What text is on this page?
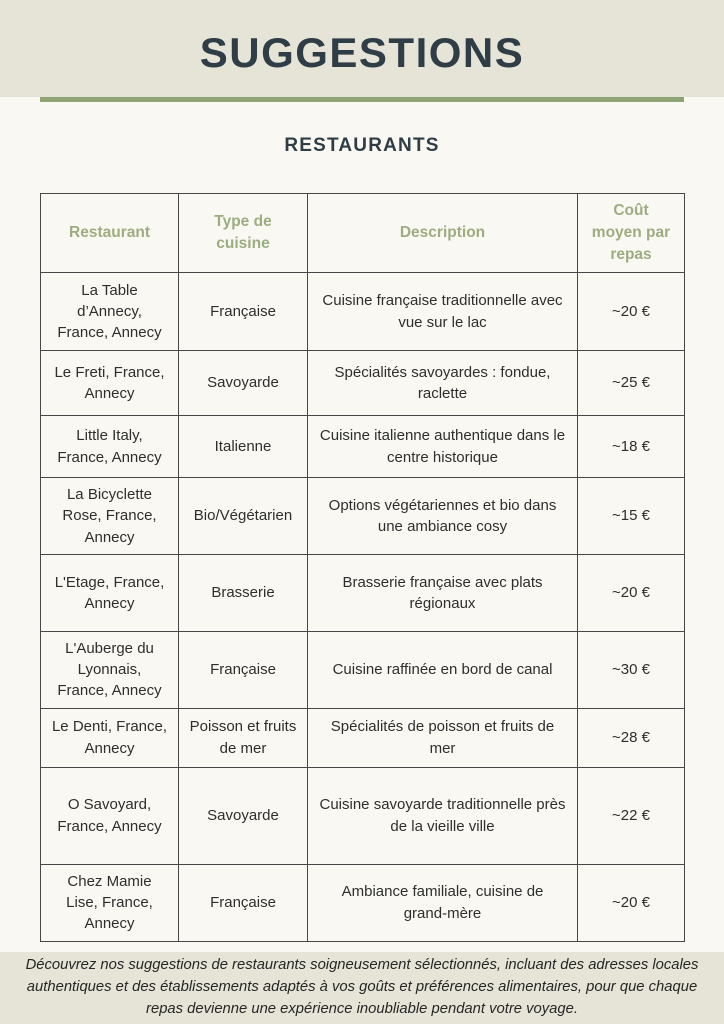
SUGGESTIONS
RESTAURANTS
Restaurant	Type de cuisine	Description	Coût moyen par repas
La Table d’Annecy, France, Annecy	Française	Cuisine française traditionnelle avec vue sur le lac	~20 €
Le Freti, France, Annecy	Savoyarde	Spécialités savoyardes : fondue, raclette	~25 €
Little Italy, France, Annecy	Italienne	Cuisine italienne authentique dans le centre historique	~18 €
La Bicyclette Rose, France, Annecy	Bio/Végétarien	Options végétariennes et bio dans une ambiance cosy	~15 €
L'Etage, France, Annecy	Brasserie	Brasserie française avec plats régionaux	~20 €
L'Auberge du Lyonnais, France, Annecy	Française	Cuisine raffinée en bord de canal	~30 €
Le Denti, France, Annecy	Poisson et fruits de mer	Spécialités de poisson et fruits de mer	~28 €
O Savoyard, France, Annecy	Savoyarde	Cuisine savoyarde traditionnelle près de la vieille ville	~22 €
Chez Mamie Lise, France, Annecy	Française	Ambiance familiale, cuisine de grand-mère	~20 €
Découvrez nos suggestions de restaurants soigneusement sélectionnés, incluant des adresses locales authentiques et des établissements adaptés à vos goûts et préférences alimentaires, pour que chaque repas devienne une expérience inoubliable pendant votre voyage.
